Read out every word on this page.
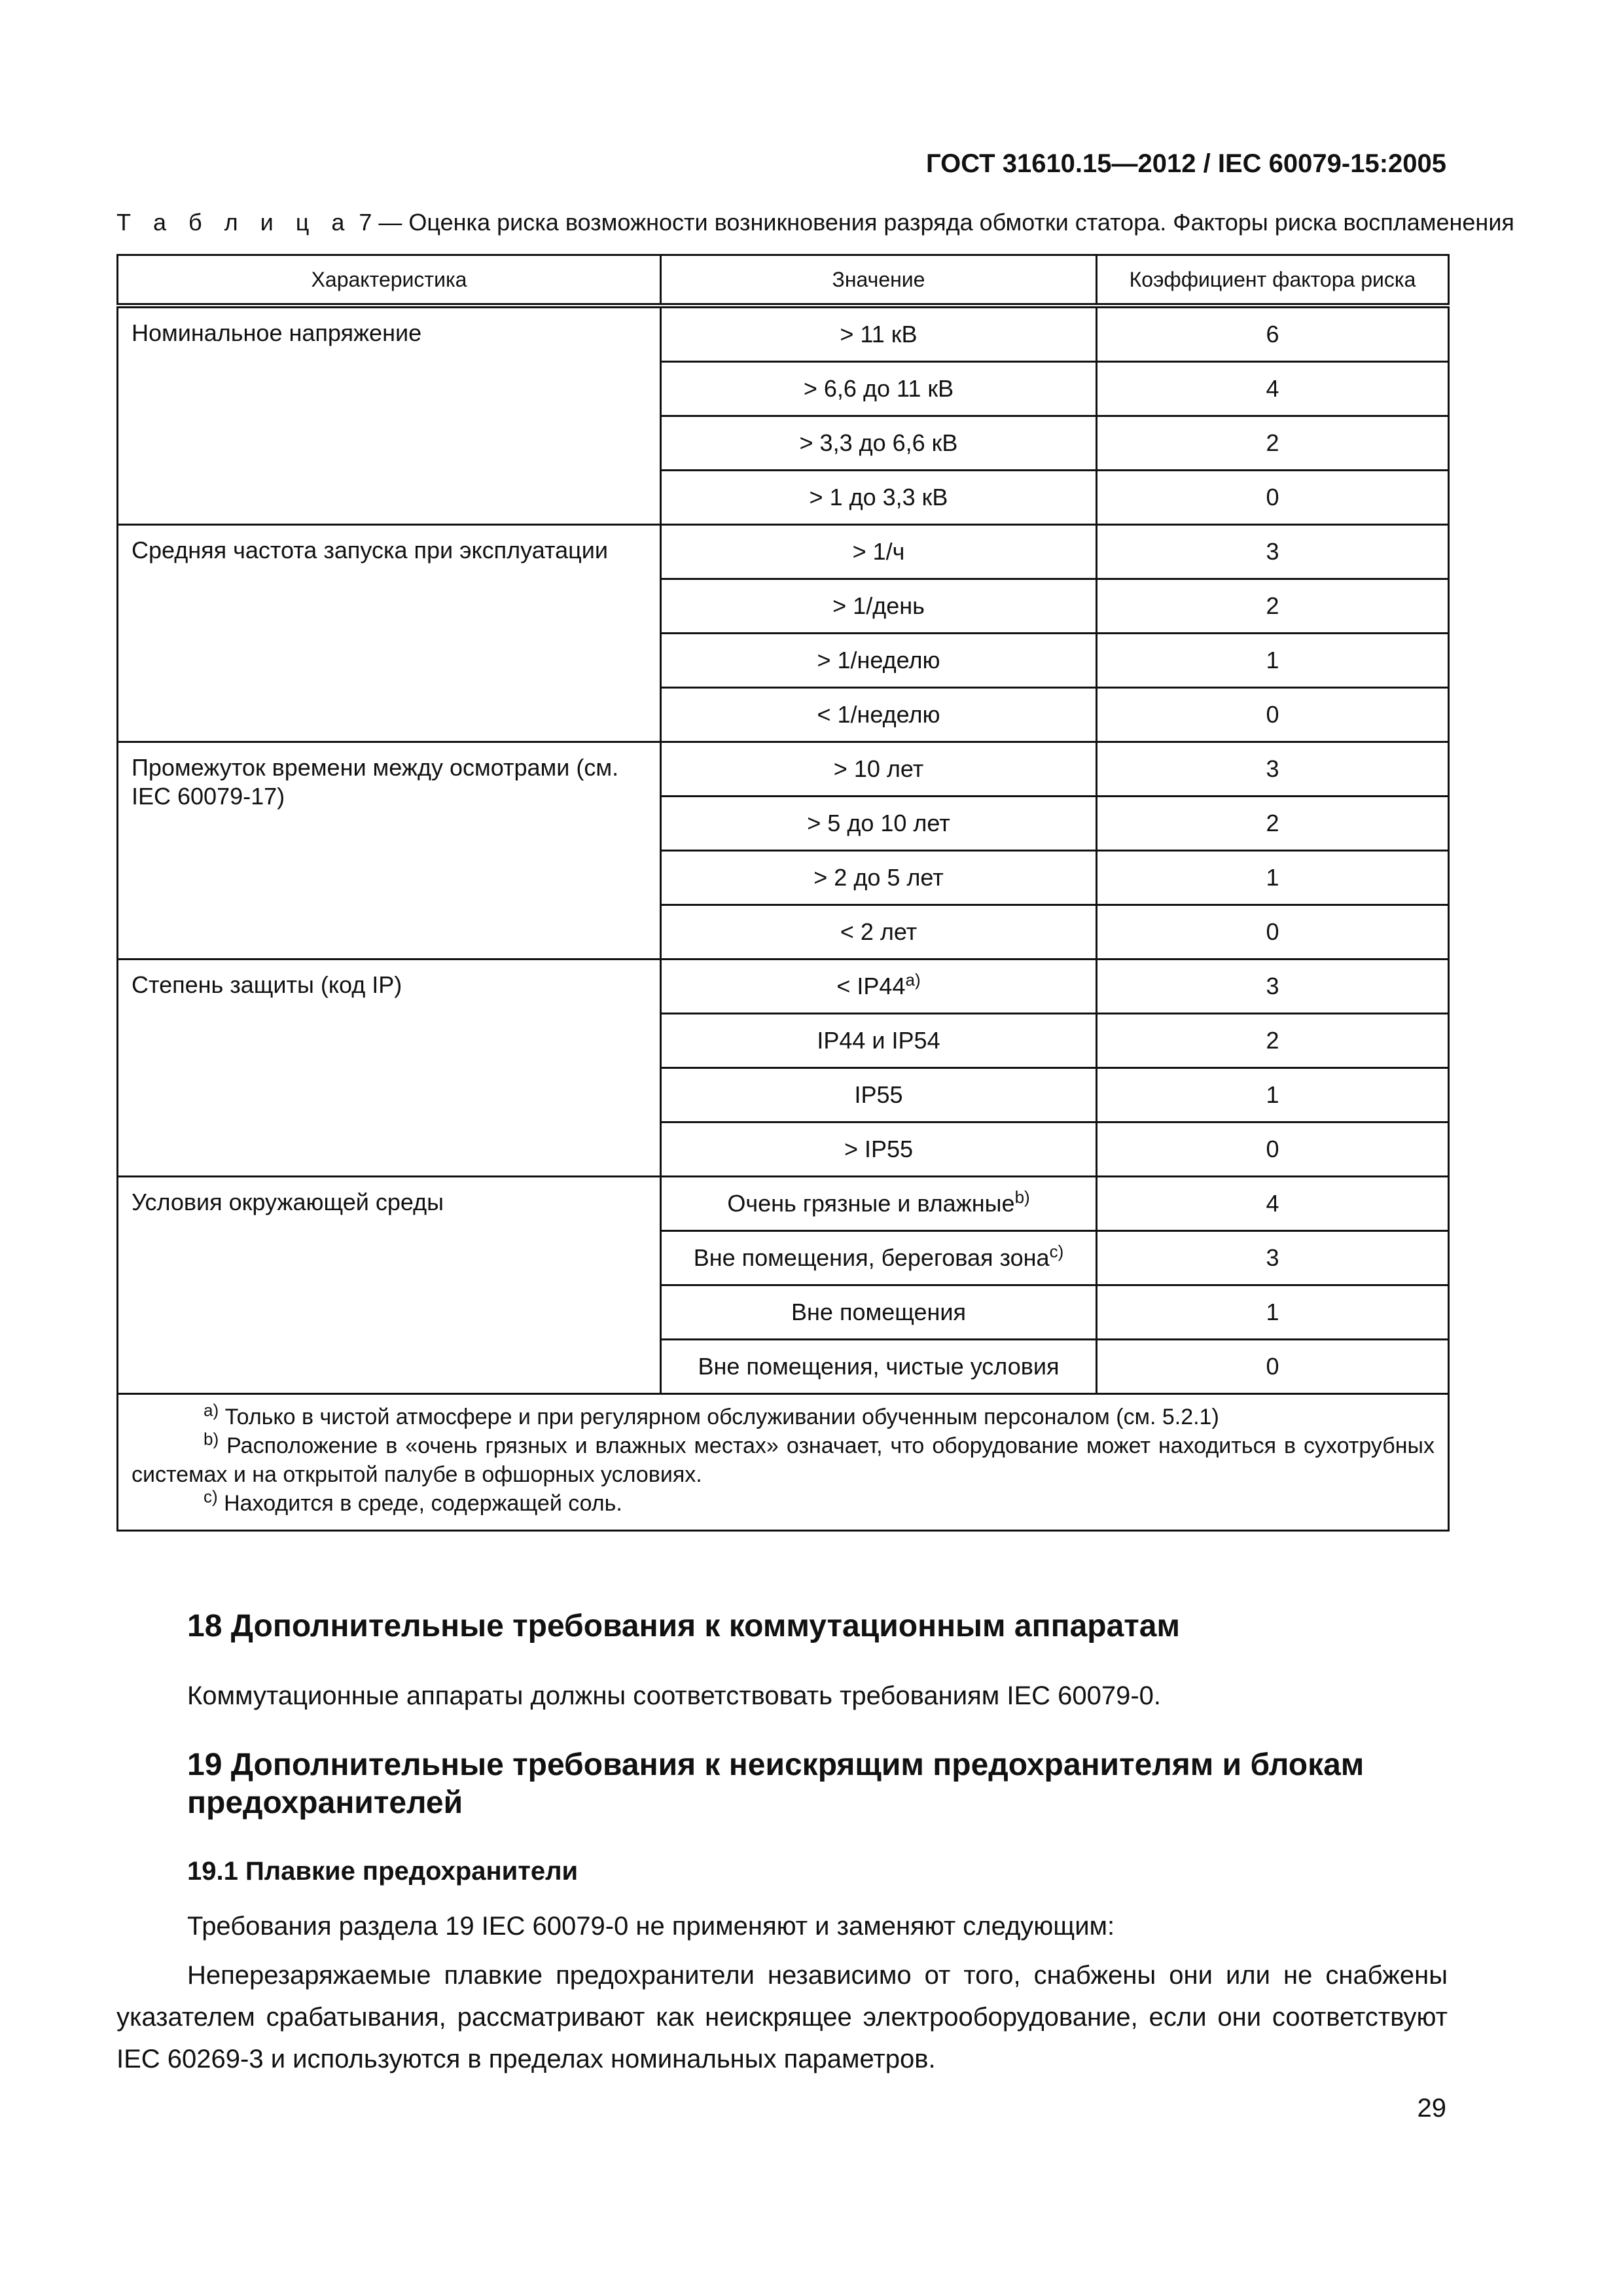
ГОСТ 31610.15—2012 / IEC 60079-15:2005
Т а б л и ц а 7 — Оценка риска возможности возникновения разряда обмотки статора. Факторы риска воспламенения
Характеристика	Значение	Коэффициент фактора риска
Номинальное напряжение	> 11 кВ	6
	> 6,6 до 11 кВ	4
	> 3,3 до 6,6 кВ	2
	> 1 до 3,3 кВ	0
Средняя частота запуска при эксплуатации	> 1/ч	3
	> 1/день	2
	> 1/неделю	1
	< 1/неделю	0
Промежуток времени между осмотрами (см. IEC 60079-17)	> 10 лет	3
	> 5 до 10 лет	2
	> 2 до 5 лет	1
	< 2 лет	0
Степень защиты (код IP)	< $IP44^{a)}$	3
	IP44 и IP54	2
	IP55	1
	> IP55	0
Условия окружающей среды	Очень грязные и влажные$^{b)}$	4
	Вне помещения, береговая зона$^{c)}$	3
	Вне помещения	1
	Вне помещения, чистые условия	0

$^{a)}$ Только в чистой атмосфере и при регулярном обслуживании обученным персоналом (см. 5.2.1)
$^{b)}$ Расположение в «очень грязных и влажных местах» означает, что оборудование может находиться в сухотрубных системах и на открытой палубе в офшорных условиях.
$^{c)}$ Находится в среде, содержащей соль.		
18 Дополнительные требования к коммутационным аппаратам
Коммутационные аппараты должны соответствовать требованиям IEC 60079-0.
19 Дополнительные требования к неискрящим предохранителям и блокам предохранителей
19.1 Плавкие предохранители
Требования раздела 19 IEC 60079-0 не применяют и заменяют следующим:
Неперезаряжаемые плавкие предохранители независимо от того, снабжены они или не снабжены указателем срабатывания, рассматривают как неискрящее электрооборудование, если они соответствуют IEC 60269-3 и используются в пределах номинальных параметров.
29
